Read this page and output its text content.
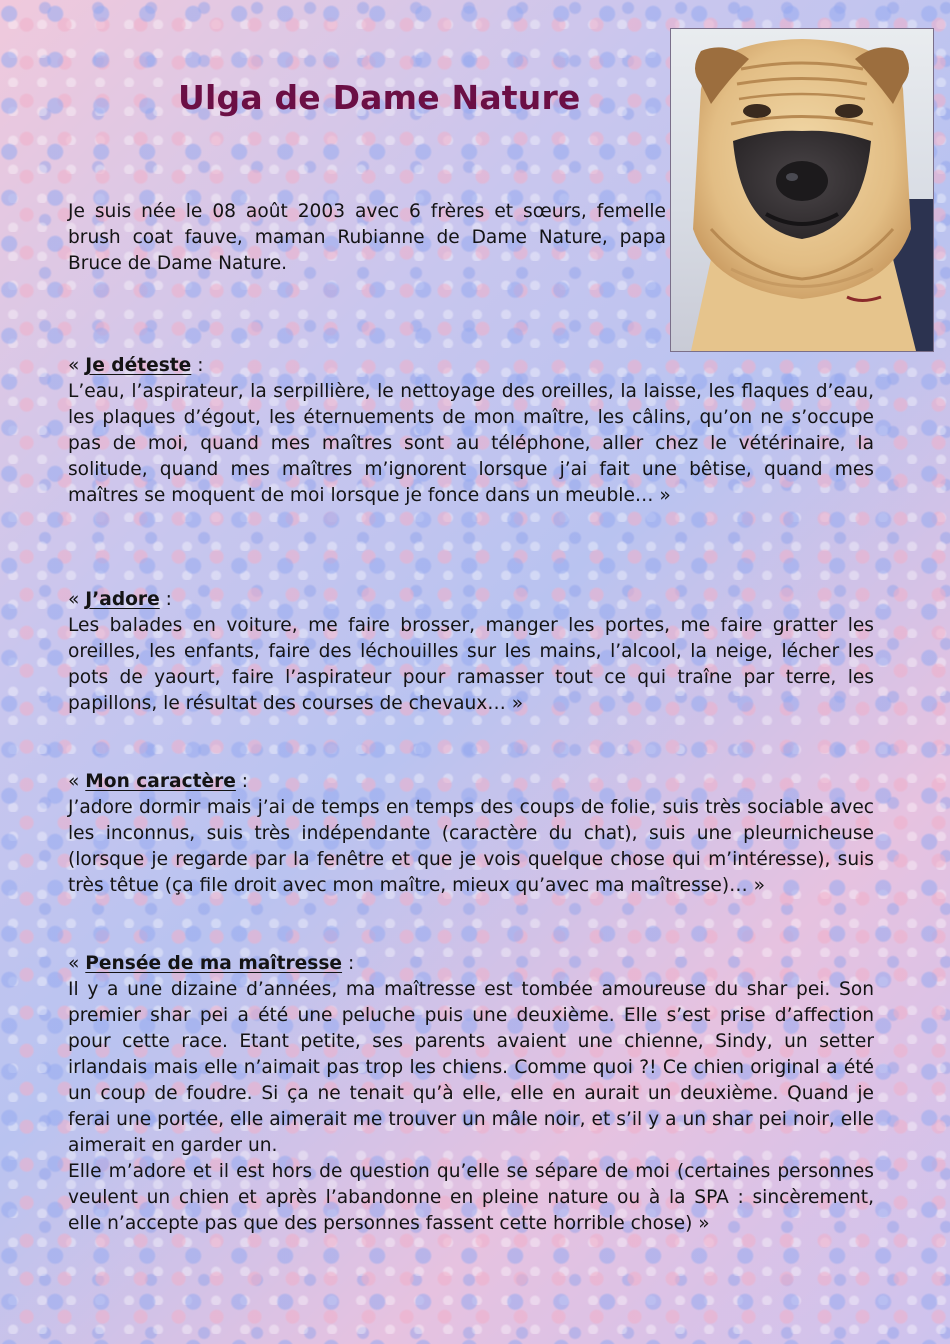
Ulga de Dame Nature

Je suis née le 08 août 2003 avec 6 frères et sœurs, femelle brush coat fauve, maman Rubianne de Dame Nature, papa Bruce de Dame Nature.

« Je déteste :
L’eau, l’aspirateur, la serpillière, le nettoyage des oreilles, la laisse, les flaques d’eau, les plaques d’égout, les éternuements de mon maître, les câlins, qu’on ne s’occupe pas de moi, quand mes maîtres sont au téléphone, aller chez le vétérinaire, la solitude, quand mes maîtres m’ignorent lorsque j’ai fait une bêtise, quand mes maîtres se moquent de moi lorsque je fonce dans un meuble… »
« J’adore :
Les balades en voiture, me faire brosser, manger les portes, me faire gratter les oreilles, les enfants, faire des léchouilles sur les mains, l’alcool, la neige, lécher les pots de yaourt, faire l’aspirateur pour ramasser tout ce qui traîne par terre, les papillons, le résultat des courses de chevaux… »
« Mon caractère :
J’adore dormir mais j’ai de temps en temps des coups de folie, suis très sociable avec les inconnus, suis très indépendante (caractère du chat), suis une pleurnicheuse (lorsque je regarde par la fenêtre et que je vois quelque chose qui m’intéresse), suis très têtue (ça file droit avec mon maître, mieux qu’avec ma maîtresse)… »
« Pensée de ma maîtresse :
Il y a une dizaine d’années, ma maîtresse est tombée amoureuse du shar pei. Son premier shar pei a été une peluche puis une deuxième. Elle s’est prise d’affection pour cette race. Etant petite, ses parents avaient une chienne, Sindy, un setter irlandais mais elle n’aimait pas trop les chiens. Comme quoi ?! Ce chien original a été un coup de foudre. Si ça ne tenait qu’à elle, elle en aurait un deuxième. Quand je ferai une portée, elle aimerait me trouver un mâle noir, et s’il y a un shar pei noir, elle aimerait en garder un.
Elle m’adore et il est hors de question qu’elle se sépare de moi (certaines personnes veulent un chien et après l’abandonne en pleine nature ou à la SPA : sincèrement, elle n’accepte pas que des personnes fassent cette horrible chose) »
